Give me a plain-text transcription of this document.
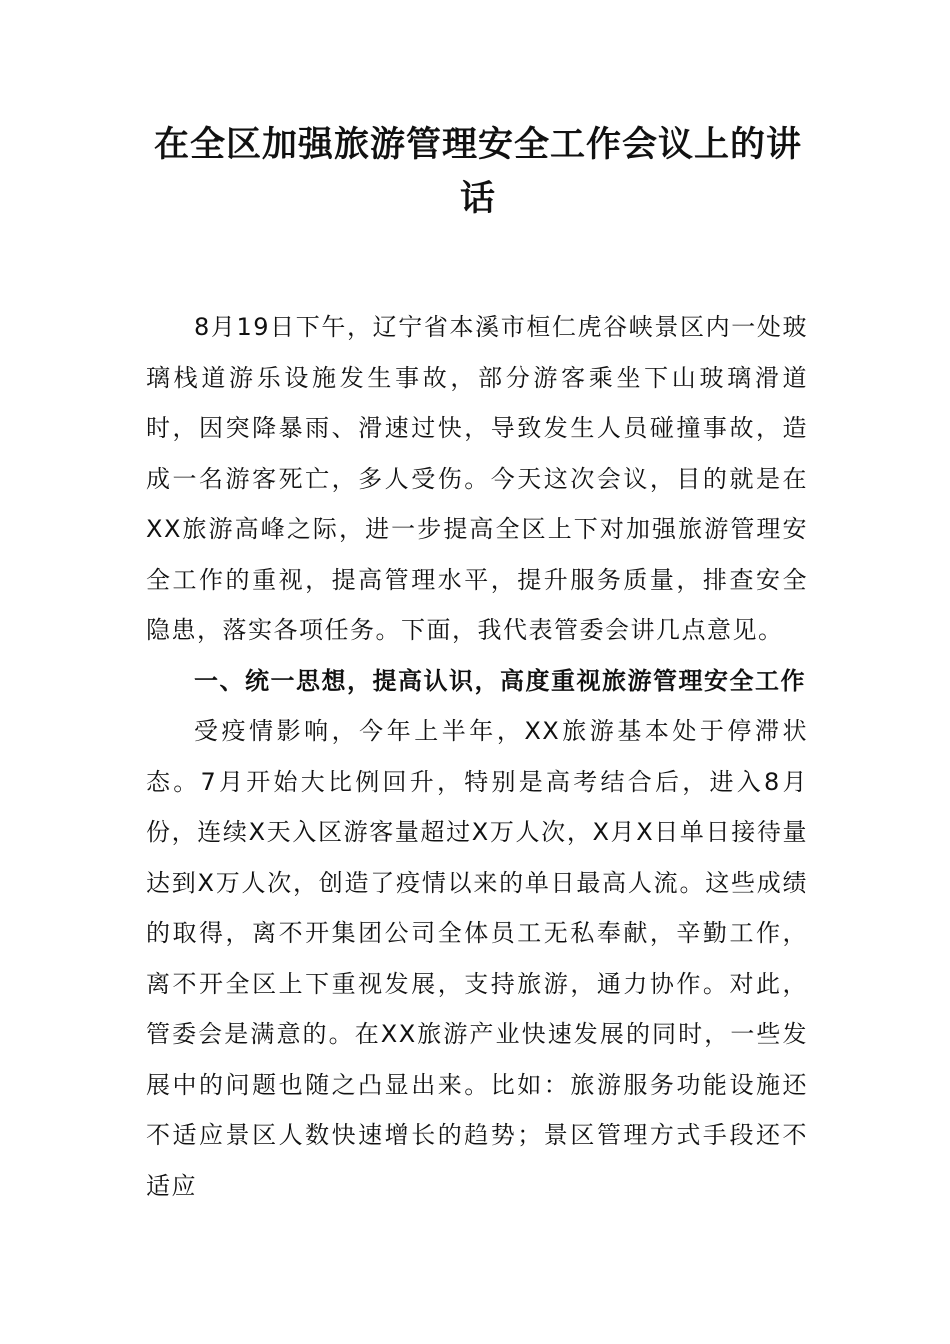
在全区加强旅游管理安全工作会议上的讲话

8月19日下午，辽宁省本溪市桓仁虎谷峡景区内一处玻璃栈道游乐设施发生事故，部分游客乘坐下山玻璃滑道时，因突降暴雨、滑速过快，导致发生人员碰撞事故，造成一名游客死亡，多人受伤。今天这次会议，目的就是在XX旅游高峰之际，进一步提高全区上下对加强旅游管理安全工作的重视，提高管理水平，提升服务质量，排查安全隐患，落实各项任务。下面，我代表管委会讲几点意见。

一、统一思想，提高认识，高度重视旅游管理安全工作

受疫情影响，今年上半年，XX旅游基本处于停滞状态。7月开始大比例回升，特别是高考结合后，进入8月份，连续X天入区游客量超过X万人次，X月X日单日接待量达到X万人次，创造了疫情以来的单日最高人流。这些成绩的取得，离不开集团公司全体员工无私奉献，辛勤工作，离不开全区上下重视发展，支持旅游，通力协作。对此，管委会是满意的。在XX旅游产业快速发展的同时，一些发展中的问题也随之凸显出来。比如：旅游服务功能设施还不适应景区人数快速增长的趋势；景区管理方式手段还不适应
